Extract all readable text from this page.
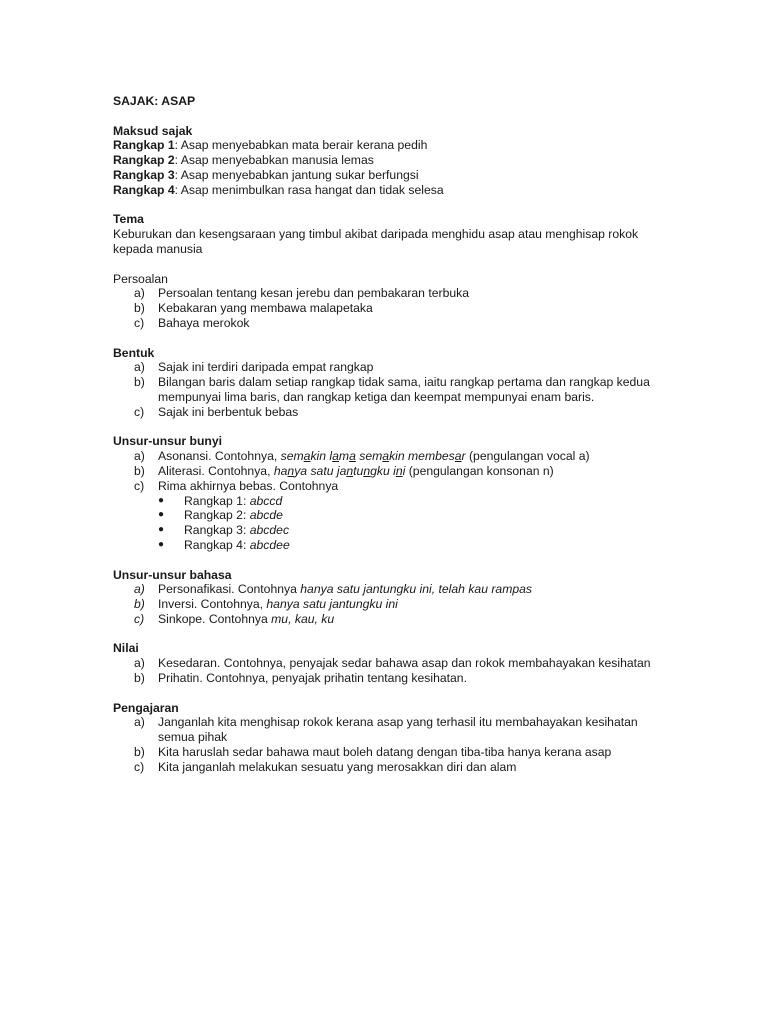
SAJAK: ASAP
Maksud sajak
Rangkap 1: Asap menyebabkan mata berair kerana pedih
Rangkap 2: Asap menyebabkan manusia lemas
Rangkap 3: Asap menyebabkan jantung sukar berfungsi
Rangkap 4: Asap menimbulkan rasa hangat dan tidak selesa
Tema
Keburukan dan kesengsaraan yang timbul akibat daripada menghidu asap atau menghisap rokok kepada manusia
Persoalan
a) Persoalan tentang kesan jerebu dan pembakaran terbuka
b) Kebakaran yang membawa malapetaka
c) Bahaya merokok
Bentuk
a) Sajak ini terdiri daripada empat rangkap
b) Bilangan baris dalam setiap rangkap tidak sama, iaitu rangkap pertama dan rangkap kedua mempunyai lima baris, dan rangkap ketiga dan keempat mempunyai enam baris.
c) Sajak ini berbentuk bebas
Unsur-unsur bunyi
a) Asonansi. Contohnya, semakin lama semakin membesar (pengulangan vocal a)
b) Aliterasi. Contohnya, hanya satu jantungku ini (pengulangan konsonan n)
c) Rima akhirnya bebas. Contohnya
● Rangkap 1: abccd
● Rangkap 2: abcde
● Rangkap 3: abcdec
● Rangkap 4: abcdee
Unsur-unsur bahasa
a) Personafikasi. Contohnya hanya satu jantungku ini, telah kau rampas
b) Inversi. Contohnya, hanya satu jantungku ini
c) Sinkope. Contohnya mu, kau, ku
Nilai
a) Kesedaran. Contohnya, penyajak sedar bahawa asap dan rokok membahayakan kesihatan
b) Prihatin. Contohnya, penyajak prihatin tentang kesihatan.
Pengajaran
a) Janganlah kita menghisap rokok kerana asap yang terhasil itu membahayakan kesihatan semua pihak
b) Kita haruslah sedar bahawa maut boleh datang dengan tiba-tiba hanya kerana asap
c) Kita janganlah melakukan sesuatu yang merosakkan diri dan alam
